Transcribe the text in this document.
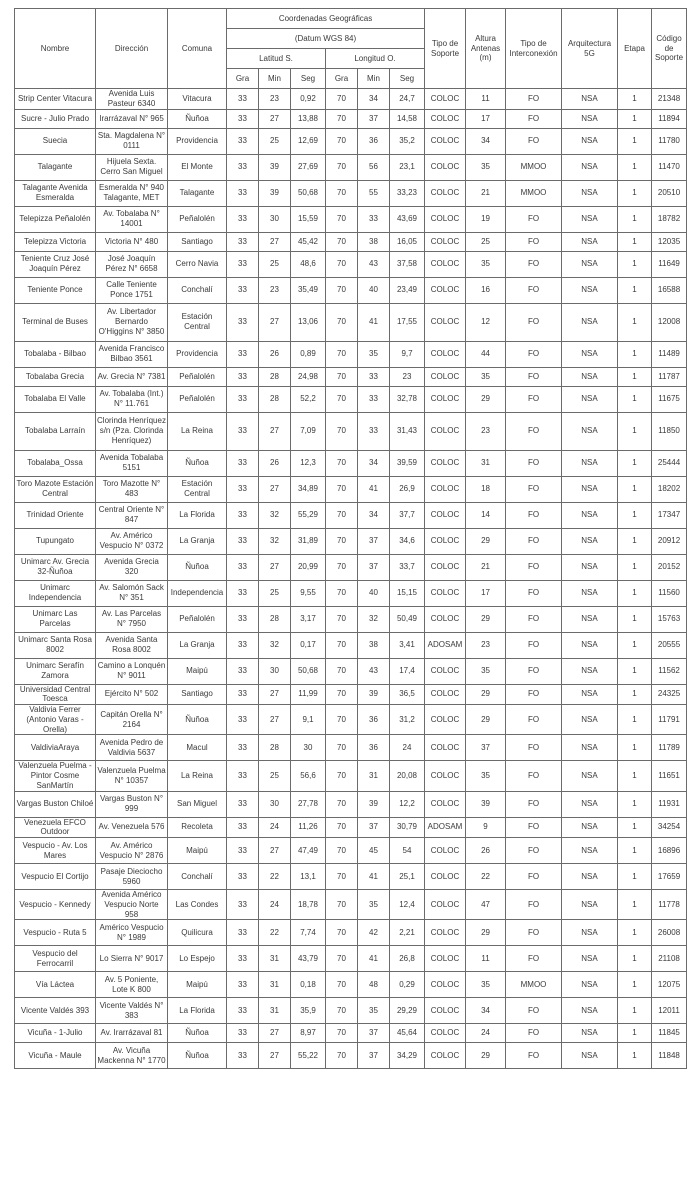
Nombre	Dirección	Comuna	Coordenadas Geográficas						Tipo de Soporte	Altura Antenas (m)	Tipo de Interconexión	Arquitectura 5G	Etapa	Código de Soporte
			(Datum WGS 84)											
			Latitud S.			Longitud O.								
			Gra	Min	Seg	Gra	Min	Seg						
Strip Center Vitacura	Avenida Luis Pasteur 6340	Vitacura	33	23	0,92	70	34	24,7	COLOC	11	FO	NSA	1	21348
Sucre - Julio Prado	Irarrázaval N° 965	Ñuñoa	33	27	13,88	70	37	14,58	COLOC	17	FO	NSA	1	11894
Suecia	Sta. Magdalena N° 0111	Providencia	33	25	12,69	70	36	35,2	COLOC	34	FO	NSA	1	11780
Talagante	Hijuela Sexta. Cerro San Miguel	El Monte	33	39	27,69	70	56	23,1	COLOC	35	MMOO	NSA	1	11470
Talagante Avenida Esmeralda	Esmeralda N° 940 Talagante, MET	Talagante	33	39	50,68	70	55	33,23	COLOC	21	MMOO	NSA	1	20510
Telepizza Peñalolén	Av. Tobalaba N° 14001	Peñalolén	33	30	15,59	70	33	43,69	COLOC	19	FO	NSA	1	18782
Telepizza Victoria	Victoria N° 480	Santiago	33	27	45,42	70	38	16,05	COLOC	25	FO	NSA	1	12035
Teniente Cruz José Joaquín Pérez	José Joaquín Pérez N° 6658	Cerro Navia	33	25	48,6	70	43	37,58	COLOC	35	FO	NSA	1	11649
Teniente Ponce	Calle Teniente Ponce 1751	Conchalí	33	23	35,49	70	40	23,49	COLOC	16	FO	NSA	1	16588
Terminal de Buses	Av. Libertador Bernardo O'Higgins N° 3850	Estación Central	33	27	13,06	70	41	17,55	COLOC	12	FO	NSA	1	12008
Tobalaba - Bilbao	Avenida Francisco Bilbao 3561	Providencia	33	26	0,89	70	35	9,7	COLOC	44	FO	NSA	1	11489
Tobalaba Grecia	Av. Grecia N° 7381	Peñalolén	33	28	24,98	70	33	23	COLOC	35	FO	NSA	1	11787
Tobalaba El Valle	Av. Tobalaba (Int.) N° 11.761	Peñalolén	33	28	52,2	70	33	32,78	COLOC	29	FO	NSA	1	11675
Tobalaba Larraín	Clorinda Henríquez s/n (Pza. Clorinda Henríquez)	La Reina	33	27	7,09	70	33	31,43	COLOC	23	FO	NSA	1	11850
Tobalaba_Ossa	Avenida Tobalaba 5151	Ñuñoa	33	26	12,3	70	34	39,59	COLOC	31	FO	NSA	1	25444
Toro Mazote Estación Central	Toro Mazotte N° 483	Estación Central	33	27	34,89	70	41	26,9	COLOC	18	FO	NSA	1	18202
Trinidad Oriente	Central Oriente N° 847	La Florida	33	32	55,29	70	34	37,7	COLOC	14	FO	NSA	1	17347
Tupungato	Av. Américo Vespucio N° 0372	La Granja	33	32	31,89	70	37	34,6	COLOC	29	FO	NSA	1	20912
Unimarc Av. Grecia 32-Ñuñoa	Avenida Grecia 320	Ñuñoa	33	27	20,99	70	37	33,7	COLOC	21	FO	NSA	1	20152
Unimarc Independencia	Av. Salomón Sack N° 351	Independencia	33	25	9,55	70	40	15,15	COLOC	17	FO	NSA	1	11560
Unimarc Las Parcelas	Av. Las Parcelas N° 7950	Peñalolén	33	28	3,17	70	32	50,49	COLOC	29	FO	NSA	1	15763
Unimarc Santa Rosa 8002	Avenida Santa Rosa 8002	La Granja	33	32	0,17	70	38	3,41	ADOSAM	23	FO	NSA	1	20555
Unimarc Serafín Zamora	Camino a Lonquén N° 9011	Maipú	33	30	50,68	70	43	17,4	COLOC	35	FO	NSA	1	11562
Universidad Central Toesca	Ejército N° 502	Santiago	33	27	11,99	70	39	36,5	COLOC	29	FO	NSA	1	24325
Valdivia Ferrer (Antonio Varas - Orella)	Capitán Orella N° 2164	Ñuñoa	33	27	9,1	70	36	31,2	COLOC	29	FO	NSA	1	11791
ValdiviaAraya	Avenida Pedro de Valdivia 5637	Macul	33	28	30	70	36	24	COLOC	37	FO	NSA	1	11789
Valenzuela Puelma - Pintor Cosme SanMartín	Valenzuela Puelma N° 10357	La Reina	33	25	56,6	70	31	20,08	COLOC	35	FO	NSA	1	11651
Vargas Buston Chiloé	Vargas Buston N° 999	San Miguel	33	30	27,78	70	39	12,2	COLOC	39	FO	NSA	1	11931
Venezuela EFCO Outdoor	Av. Venezuela 576	Recoleta	33	24	11,26	70	37	30,79	ADOSAM	9	FO	NSA	1	34254
Vespucio - Av. Los Mares	Av. Américo Vespucio N° 2876	Maipú	33	27	47,49	70	45	54	COLOC	26	FO	NSA	1	16896
Vespucio El Cortijo	Pasaje Dieciocho 5960	Conchalí	33	22	13,1	70	41	25,1	COLOC	22	FO	NSA	1	17659
Vespucio - Kennedy	Avenida Américo Vespucio Norte 958	Las Condes	33	24	18,78	70	35	12,4	COLOC	47	FO	NSA	1	11778
Vespucio - Ruta 5	Américo Vespucio N° 1989	Quilicura	33	22	7,74	70	42	2,21	COLOC	29	FO	NSA	1	26008
Vespucio del Ferrocarril	Lo Sierra N° 9017	Lo Espejo	33	31	43,79	70	41	26,8	COLOC	11	FO	NSA	1	21108
Vía Láctea	Av. 5 Poniente, Lote K 800	Maipú	33	31	0,18	70	48	0,29	COLOC	35	MMOO	NSA	1	12075
Vicente Valdés 393	Vicente Valdés N° 383	La Florida	33	31	35,9	70	35	29,29	COLOC	34	FO	NSA	1	12011
Vicuña - 1-Julio	Av. Irarrázaval 81	Ñuñoa	33	27	8,97	70	37	45,64	COLOC	24	FO	NSA	1	11845
Vicuña - Maule	Av. Vicuña Mackenna N° 1770	Ñuñoa	33	27	55,22	70	37	34,29	COLOC	29	FO	NSA	1	11848
